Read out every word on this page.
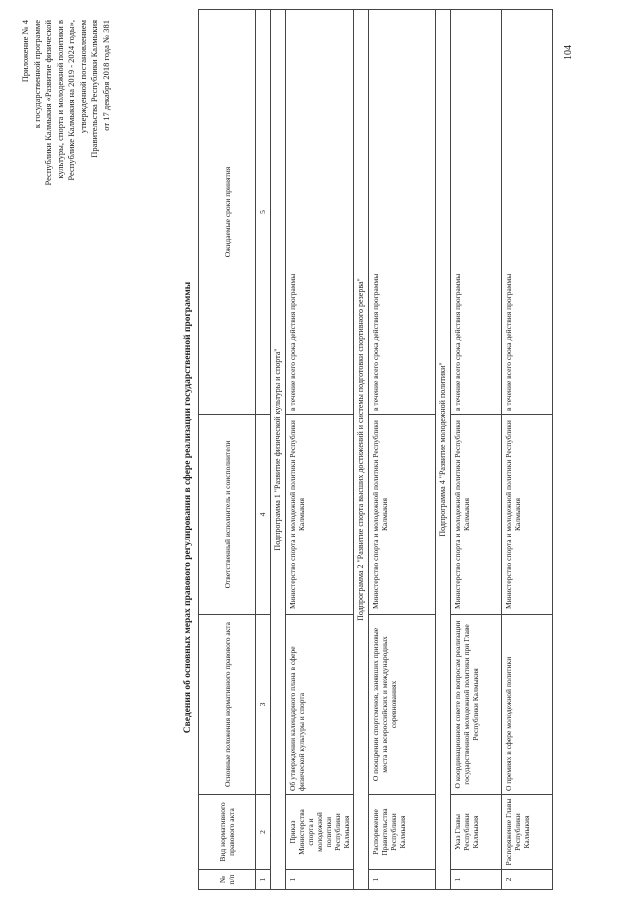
Приложение № 4 к государственной программе Республики Калмыкия «Развитие физической культуры, спорта и молодежной политики в Республике Калмыкия на 2019 - 2024 годы», утвержденной постановлением Правительства Республики Калмыкия от 17 декабря 2018 года № 381	104
Сведения об основных мерах правового регулирования в сфере реализации государственной программы
№ п/п	Вид нормативного правового акта	Основные положения нормативного правового акта	Ответственный исполнитель и соисполнители	Ожидаемые сроки принятия
1	2	3	4	5
Подпрограмма 1 "Развитие физической культуры и спорта"				
1	Приказ Министерства спорта и молодежной политики Республики Калмыкия	Об утверждении календарного плана в сфере физической культуры и спорта	Министерство спорта и молодежной политики Республики Калмыкия	в течение всего срока действия программы
Подпрограмма 2 "Развитие спорта высших достижений и системы подготовки спортивного резерва"				
1	Распоряжение Правительства Республики Калмыкия	О поощрении спортсменов, занявших призовые места на всероссийских и международных соревнованиях	Министерство спорта и молодежной политики Республики Калмыкия	в течение всего срока действия программы
Подпрограмма 4 "Развитие молодежной политики"				
1	Указ Главы Республики Калмыкия	О координационном совете по вопросам реализации государственной молодежной политики при Главе Республики Калмыкия	Министерство спорта и молодежной политики Республики Калмыкия	в течение всего срока действия программы
2	Распоряжение Главы Республики Калмыкия	О премиях в сфере молодежной политики	Министерство спорта и молодежной политики Республики Калмыкия	в течение всего срока действия программы
